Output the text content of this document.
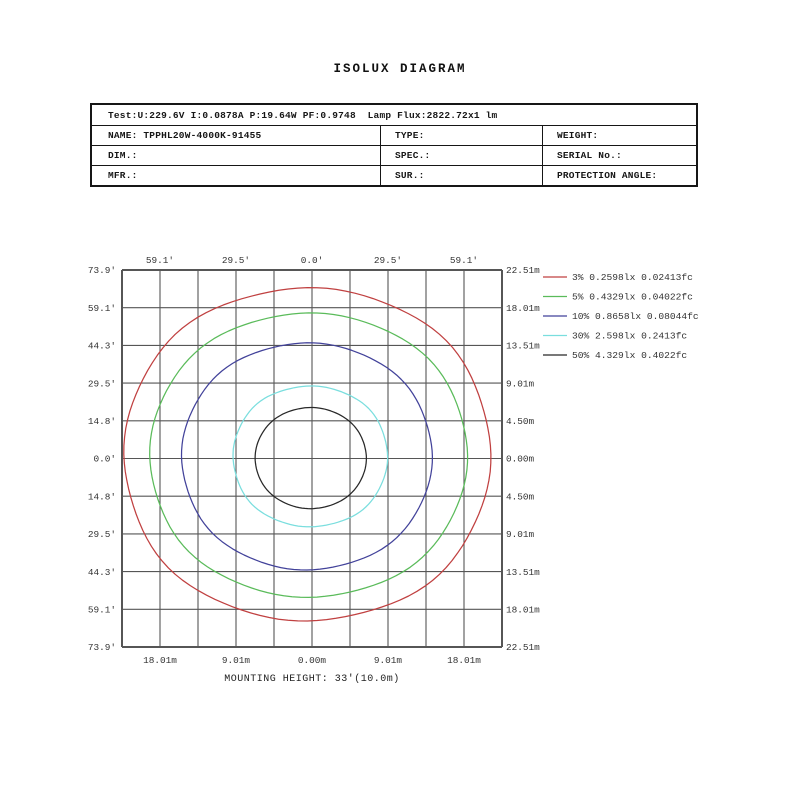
ISOLUX DIAGRAM
Test:U:229.6V I:0.0878A P:19.64W PF:0.9748  Lamp Flux:2822.72x1 lm
NAME: TPPHL20W-4000K-91455	TYPE:	WEIGHT:
DIM.:	SPEC.:	SERIAL No.:
MFR.:	SUR.:	PROTECTION ANGLE:
59.1'	29.5'	0.0'	29.5'	59.1'
18.01m	9.01m	0.00m	9.01m	18.01m
73.9'
59.1'
44.3'
29.5'
14.8'
0.0'
14.8'
29.5'
44.3'
59.1'
73.9'
22.51m
18.01m
13.51m
9.01m
4.50m
0.00m
4.50m
9.01m
13.51m
18.01m
22.51m
3% 0.2598lx 0.02413fc
5% 0.4329lx 0.04022fc
10% 0.8658lx 0.08044fc
30% 2.598lx 0.2413fc
50% 4.329lx 0.4022fc
MOUNTING HEIGHT: 33'(10.0m)
